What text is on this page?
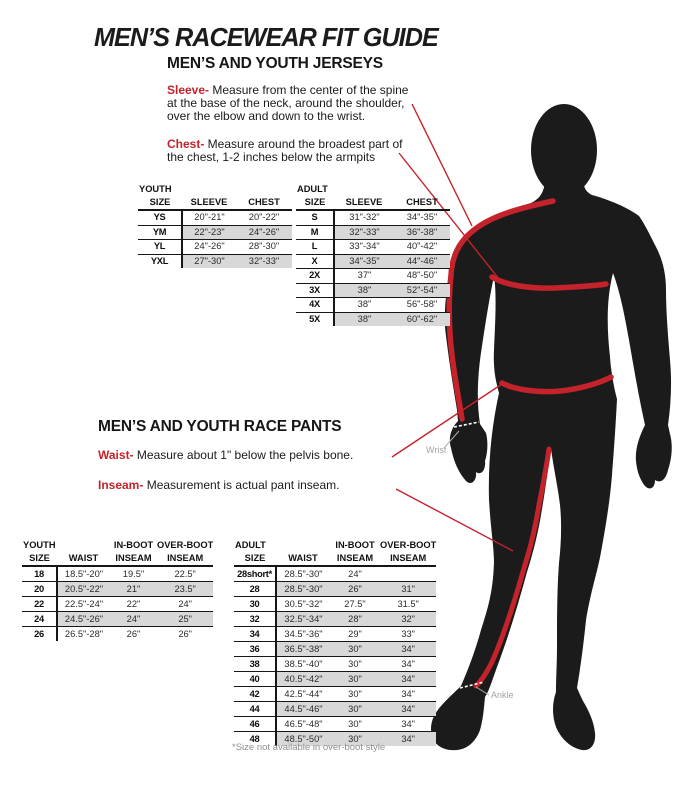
MEN’S RACEWEAR FIT GUIDE
MEN’S AND YOUTH JERSEYS
Sleeve- Measure from the center of the spine at the base of the neck, around the shoulder, over the elbow and down to the wrist.
Chest- Measure around the broadest part of the chest, 1-2 inches below the armpits
YOUTH		
SIZE	SLEEVE	CHEST
YS	20"-21"	20"-22"
YM	22"-23"	24"-26"
YL	24"-26"	28"-30"
YXL	27"-30"	32"-33"
ADULT		
SIZE	SLEEVE	CHEST
S	31"-32"	34"-35"
M	32"-33"	36"-38"
L	33"-34"	40"-42"
X	34"-35"	44"-46"
2X	37"	48"-50"
3X	38"	52"-54"
4X	38"	56"-58"
5X	38"	60"-62"
MEN’S AND YOUTH RACE PANTS
Waist- Measure about 1" below the pelvis bone.
Inseam- Measurement is actual pant inseam.
YOUTH		IN-BOOT	OVER-BOOT
SIZE	WAIST	INSEAM	INSEAM
18	18.5"-20"	19.5"	22.5"
20	20.5"-22"	21"	23.5"
22	22.5"-24"	22"	24"
24	24.5"-26"	24"	25"
26	26.5"-28"	26"	26"
ADULT		IN-BOOT	OVER-BOOT
SIZE	WAIST	INSEAM	INSEAM
28short*	28.5"-30"	24"	
28	28.5"-30"	26"	31"
30	30.5"-32"	27.5"	31.5"
32	32.5"-34"	28"	32"
34	34.5"-36"	29"	33"
36	36.5"-38"	30"	34"
38	38.5"-40"	30"	34"
40	40.5"-42"	30"	34"
42	42.5"-44"	30"	34"
44	44.5"-46"	30"	34"
46	46.5"-48"	30"	34"
48	48.5"-50"	30"	34"
*Size not available in over-boot style
Wrist
Ankle
